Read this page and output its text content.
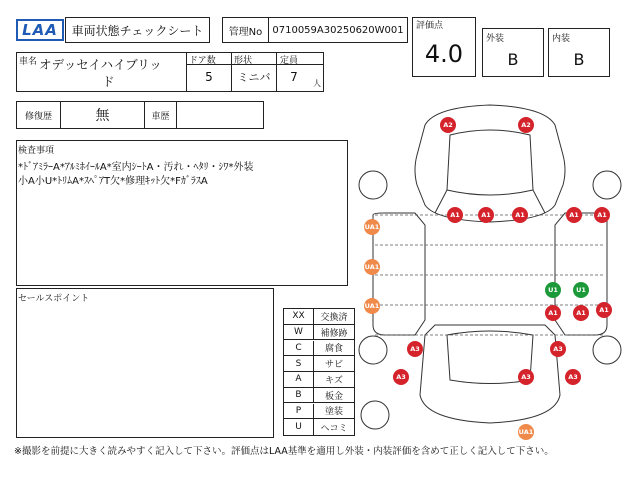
LAA	車両状態チェックシート	管理No	0710059A30250620W001	評価点
4.0
外装
B
内装
B
車名 オデッセイハイブリッ
ド
ドア数
5
形状
ミニバ
定員
7	人
修復歴	無	車歴
検査事項
*ﾄﾞｱﾐﾗｰA*ｱﾙﾐﾎｲｰﾙA*室内ｼｰﾄA・汚れ・ﾍﾀﾘ・ｼﾜ*外装
小A小U*ﾄﾘﾑA*ｽﾍﾟｱT欠*修理ｷｯﾄ欠*FｶﾞﾗｽA
セールスポイント
XX	交換済
W	補修跡
C	腐食
S	サビ
A	キズ
B	板金
P	塗装
U	ヘコミ
A2	A2
A1	A1	A1	A1	A1
UA1
UA1
UA1
U1	U1
A1	A1	A1
A3	A3
A3	A3	A3
UA1
※撮影を前提に大きく読みやすく記入して下さい。評価点はLAA基準を適用し外装・内装評価を含めて正しく記入して下さい。
